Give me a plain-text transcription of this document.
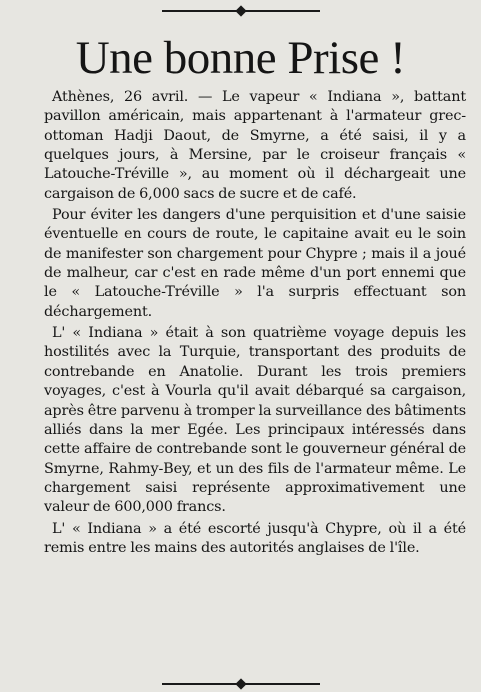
Une bonne Prise !

Athènes, 26 avril. — Le vapeur « Indiana », battant pavillon américain, mais appartenant à l'armateur grec-ottoman Hadji Daout, de Smyrne, a été saisi, il y a quelques jours, à Mersine, par le croiseur français « Latouche-Tréville », au moment où il déchargeait une cargaison de 6,000 sacs de sucre et de café.

Pour éviter les dangers d'une perquisition et d'une saisie éventuelle en cours de route, le capitaine avait eu le soin de manifester son chargement pour Chypre ; mais il a joué de malheur, car c'est en rade même d'un port ennemi que le « Latouche-Tréville » l'a surpris effectuant son déchargement.

L' « Indiana » était à son quatrième voyage depuis les hostilités avec la Turquie, transportant des produits de contrebande en Anatolie. Durant les trois premiers voyages, c'est à Vourla qu'il avait débarqué sa cargaison, après être parvenu à tromper la surveillance des bâtiments alliés dans la mer Egée. Les principaux intéressés dans cette affaire de contrebande sont le gouverneur général de Smyrne, Rahmy-Bey, et un des fils de l'armateur même. Le chargement saisi représente approximativement une valeur de 600,000 francs.

L' « Indiana » a été escorté jusqu'à Chypre, où il a été remis entre les mains des autorités anglaises de l'île.
